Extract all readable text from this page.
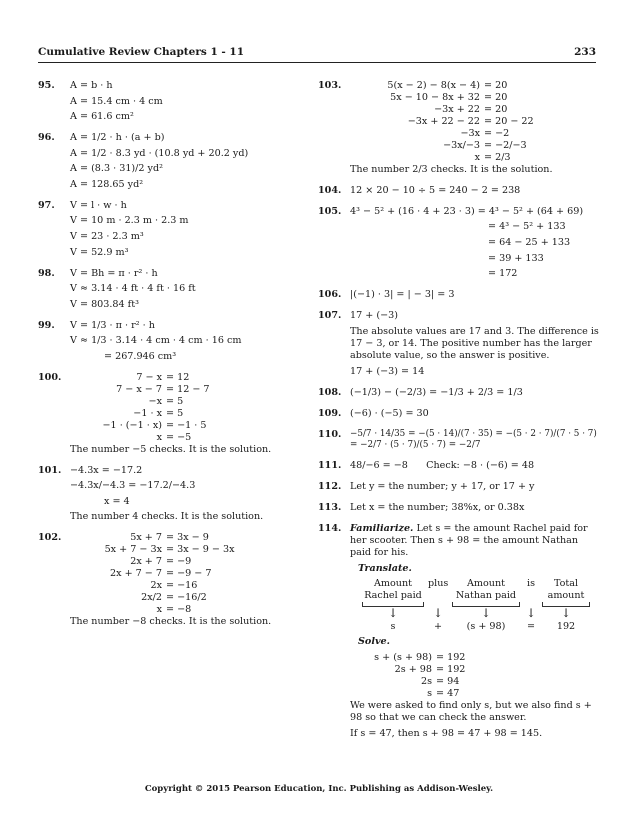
Cumulative Review Chapters 1 - 11	233
95. A = b · h
A = 15.4 cm · 4 cm
A = 61.6 cm²
96. A = 1/2 · h · (a + b)
A = 1/2 · 8.3 yd · (10.8 yd + 20.2 yd)
A = (8.3 · 31)/2 yd²
A = 128.65 yd²
97. V = l · w · h
V = 10 m · 2.3 m · 2.3 m
V = 23 · 2.3 m³
V = 52.9 m³
98. V = Bh = π · r² · h
V ≈ 3.14 · 4 ft · 4 ft · 16 ft
V = 803.84 ft³
99. V = 1/3 · π · r² · h
V ≈ 1/3 · 3.14 · 4 cm · 4 cm · 16 cm
= 267.946 cm³
100.	7 − x = 12
7 − x − 7 = 12 − 7
−x = 5
−1 · x = 5
−1 · (−1 · x) = −1 · 5
x = −5
The number −5 checks. It is the solution.
101. −4.3x = −17.2
−4.3x/−4.3 = −17.2/−4.3
x = 4
The number 4 checks. It is the solution.
102.	5x + 7 = 3x − 9
5x + 7 − 3x = 3x − 9 − 3x
2x + 7 = −9
2x + 7 − 7 = −9 − 7
2x = −16
2x/2 = −16/2
x = −8
The number −8 checks. It is the solution.
103.	5(x − 2) − 8(x − 4) = 20
5x − 10 − 8x + 32 = 20
−3x + 22 = 20
−3x + 22 − 22 = 20 − 22
−3x = −2
−3x/−3 = −2/−3
x = 2/3
The number 2/3 checks. It is the solution.
104. 12 × 20 − 10 ÷ 5 = 240 − 2 = 238
105. 4³ − 5² + (16 · 4 + 23 · 3) = 4³ − 5² + (64 + 69)
= 4³ − 5² + 133
= 64 − 25 + 133
= 39 + 133
= 172
106. |(−1) · 3| = | − 3| = 3
107. 17 + (−3)
The absolute values are 17 and 3. The difference is 17 − 3, or 14. The positive number has the larger absolute value, so the answer is positive.
17 + (−3) = 14
108. (−1/3) − (−2/3) = −1/3 + 2/3 = 1/3
109. (−6) · (−5) = 30
110. −5/7 · 14/35 = −(5 · 14)/(7 · 35) = −(5 · 2 · 7)/(7 · 5 · 7) = −2/7 · (5 · 7)/(5 · 7) = −2/7
111. 48/−6 = −8      Check: −8 · (−6) = 48
112. Let y = the number; y + 17, or 17 + y
113. Let x = the number; 38%x, or 0.38x
114. Familiarize. Let s = the amount Rachel paid for her scooter. Then s + 98 = the amount Nathan paid for his.
Translate.
Amount
Rachel paid
plus	Amount
Nathan paid
is	Total
amount
↓	↓	↓	↓	↓
s	+	(s + 98)	=	192
Solve.
s + (s + 98) = 192
2s + 98 = 192
2s = 94
s = 47
We were asked to find only s, but we also find s + 98 so that we can check the answer.
If s = 47, then s + 98 = 47 + 98 = 145.
Copyright © 2015 Pearson Education, Inc. Publishing as Addison-Wesley.
